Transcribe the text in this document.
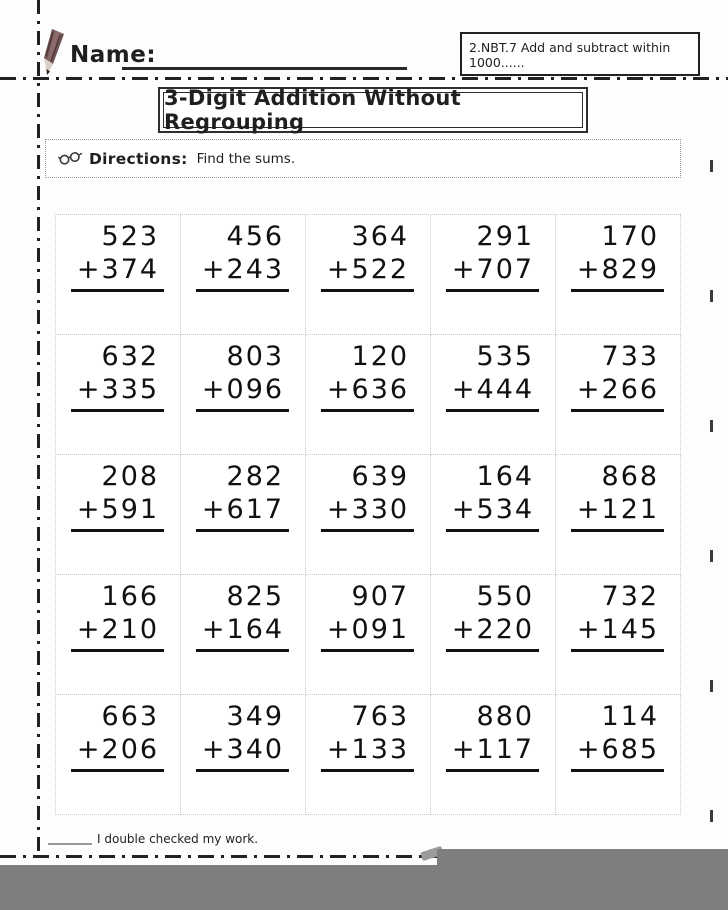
Name:	2.NBT.7 Add and subtract within 1000......
3-Digit Addition Without Regrouping
Directions: Find the sums.
523
+374
456
+243
364
+522
291
+707
170
+829
632
+335
803
+096
120
+636
535
+444
733
+266
208
+591
282
+617
639
+330
164
+534
868
+121
166
+210
825
+164
907
+091
550
+220
732
+145
663
+206
349
+340
763
+133
880
+117
114
+685
I double checked my work.
